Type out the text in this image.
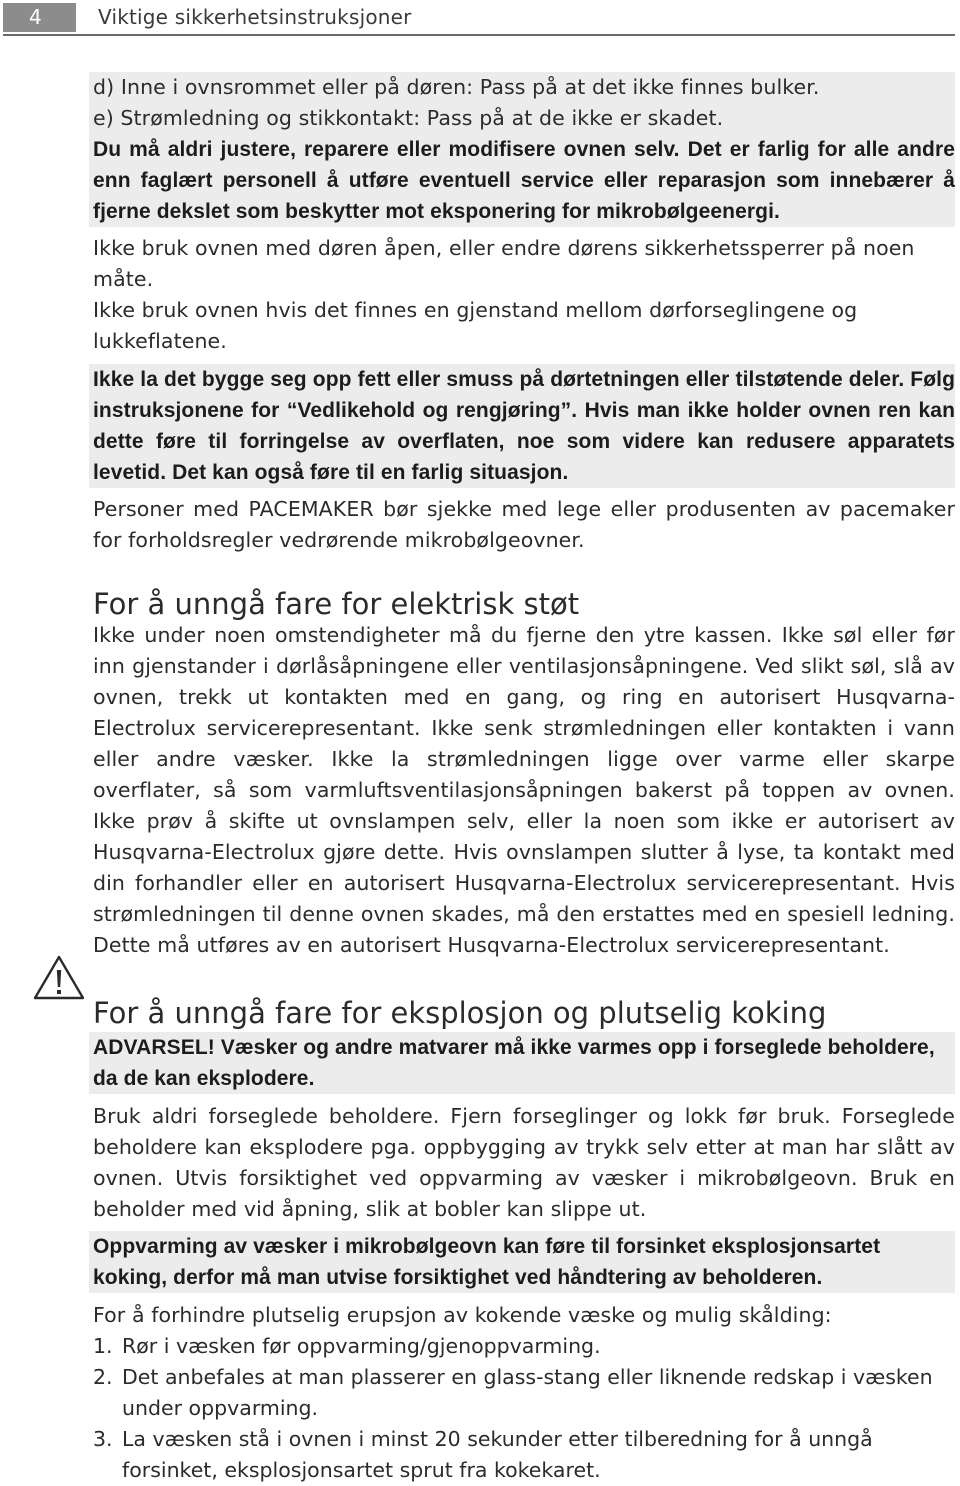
4	Viktige sikkerhetsinstruksjoner

d) Inne i ovnsrommet eller på døren: Pass på at det ikke finnes bulker.

e) Strømledning og stikkontakt: Pass på at de ikke er skadet.

Du må aldri justere, reparere eller modifisere ovnen selv. Det er farlig for alle andre enn faglært personell å utføre eventuell service eller reparasjon som innebærer å fjerne dekslet som beskytter mot eksponering for mikrobølgeenergi.

Ikke bruk ovnen med døren åpen, eller endre dørens sikkerhetssperrer på noen måte.

Ikke bruk ovnen hvis det finnes en gjenstand mellom dørforseglingene og lukkeflatene.

Ikke la det bygge seg opp fett eller smuss på dørtetningen eller tilstøtende deler. Følg instruksjonene for “Vedlikehold og rengjøring”. Hvis man ikke holder ovnen ren kan dette føre til forringelse av overflaten, noe som videre kan redusere apparatets levetid. Det kan også føre til en farlig situasjon.

Personer med PACEMAKER bør sjekke med lege eller produsenten av pacemaker for forholdsregler vedrørende mikrobølgeovner.

For å unngå fare for elektrisk støt

Ikke under noen omstendigheter må du fjerne den ytre kassen. Ikke søl eller før inn gjenstander i dørlåsåpningene eller ventilasjonsåpningene. Ved slikt søl, slå av ovnen, trekk ut kontakten med en gang, og ring en autorisert Husqvarna-Electrolux servicerepresentant. Ikke senk strømledningen eller kontakten i vann eller andre væsker. Ikke la strømledningen ligge over varme eller skarpe overflater, så som varmluftsventilasjonsåpningen bakerst på toppen av ovnen. Ikke prøv å skifte ut ovnslampen selv, eller la noen som ikke er autorisert av Husqvarna-Electrolux gjøre dette. Hvis ovnslampen slutter å lyse, ta kontakt med din forhandler eller en autorisert Husqvarna-Electrolux servicerepresentant. Hvis strømledningen til denne ovnen skades, må den erstattes med en spesiell ledning. Dette må utføres av en autorisert Husqvarna-Electrolux servicerepresentant.

For å unngå fare for eksplosjon og plutselig koking

ADVARSEL! Væsker og andre matvarer må ikke varmes opp i forseglede beholdere, da de kan eksplodere.

Bruk aldri forseglede beholdere. Fjern forseglinger og lokk før bruk. Forseglede beholdere kan eksplodere pga. oppbygging av trykk selv etter at man har slått av ovnen. Utvis forsiktighet ved oppvarming av væsker i mikrobølgeovn. Bruk en beholder med vid åpning, slik at bobler kan slippe ut.

Oppvarming av væsker i mikrobølgeovn kan føre til forsinket eksplosjonsartet koking, derfor må man utvise forsiktighet ved håndtering av beholderen.

For å forhindre plutselig erupsjon av kokende væske og mulig skålding:

1. Rør i væsken før oppvarming/gjenoppvarming.
2. Det anbefales at man plasserer en glass-stang eller liknende redskap i væsken under oppvarming.
3. La væsken stå i ovnen i minst 20 sekunder etter tilberedning for å unngå forsinket, eksplosjonsartet sprut fra kokekaret.
